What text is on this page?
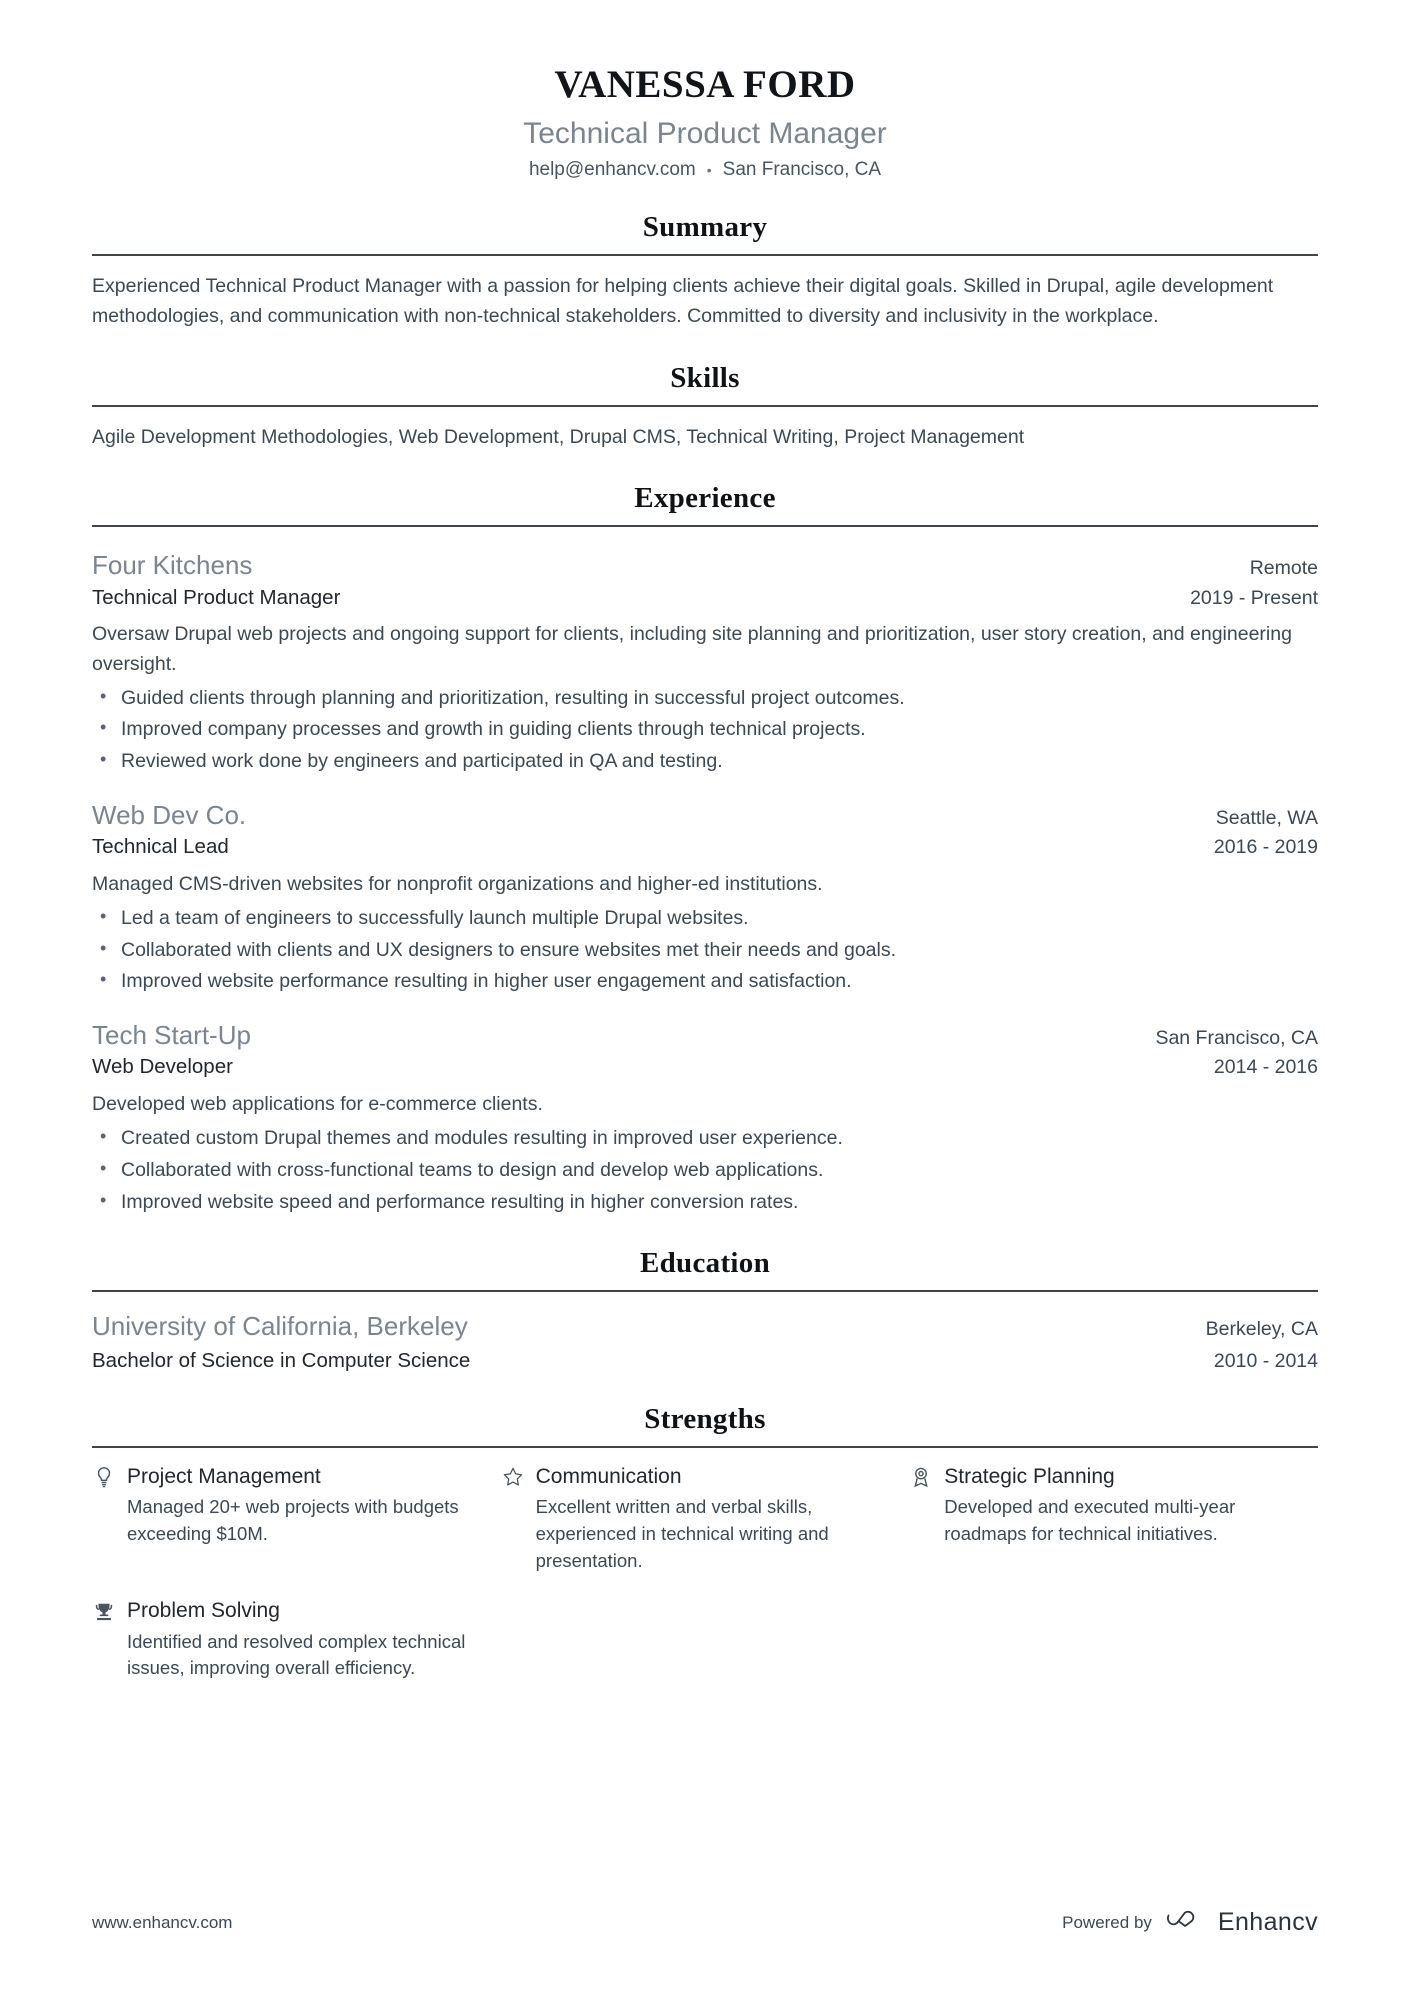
VANESSA FORD
Technical Product Manager
help@enhancv.com • San Francisco, CA
Summary
Experienced Technical Product Manager with a passion for helping clients achieve their digital goals. Skilled in Drupal, agile development methodologies, and communication with non-technical stakeholders. Committed to diversity and inclusivity in the workplace.
Skills
Agile Development Methodologies, Web Development, Drupal CMS, Technical Writing, Project Management
Experience
Four Kitchens	Remote
Technical Product Manager	2019 - Present
Oversaw Drupal web projects and ongoing support for clients, including site planning and prioritization, user story creation, and engineering oversight.
• Guided clients through planning and prioritization, resulting in successful project outcomes.
• Improved company processes and growth in guiding clients through technical projects.
• Reviewed work done by engineers and participated in QA and testing.
Web Dev Co.	Seattle, WA
Technical Lead	2016 - 2019
Managed CMS-driven websites for nonprofit organizations and higher-ed institutions.
• Led a team of engineers to successfully launch multiple Drupal websites.
• Collaborated with clients and UX designers to ensure websites met their needs and goals.
• Improved website performance resulting in higher user engagement and satisfaction.
Tech Start-Up	San Francisco, CA
Web Developer	2014 - 2016
Developed web applications for e-commerce clients.
• Created custom Drupal themes and modules resulting in improved user experience.
• Collaborated with cross-functional teams to design and develop web applications.
• Improved website speed and performance resulting in higher conversion rates.
Education
University of California, Berkeley	Berkeley, CA
Bachelor of Science in Computer Science	2010 - 2014
Strengths
Project Management
Managed 20+ web projects with budgets exceeding $10M.
Communication
Excellent written and verbal skills, experienced in technical writing and presentation.
Strategic Planning
Developed and executed multi-year roadmaps for technical initiatives.
Problem Solving
Identified and resolved complex technical issues, improving overall efficiency.
www.enhancv.com	Powered by	Enhancv
